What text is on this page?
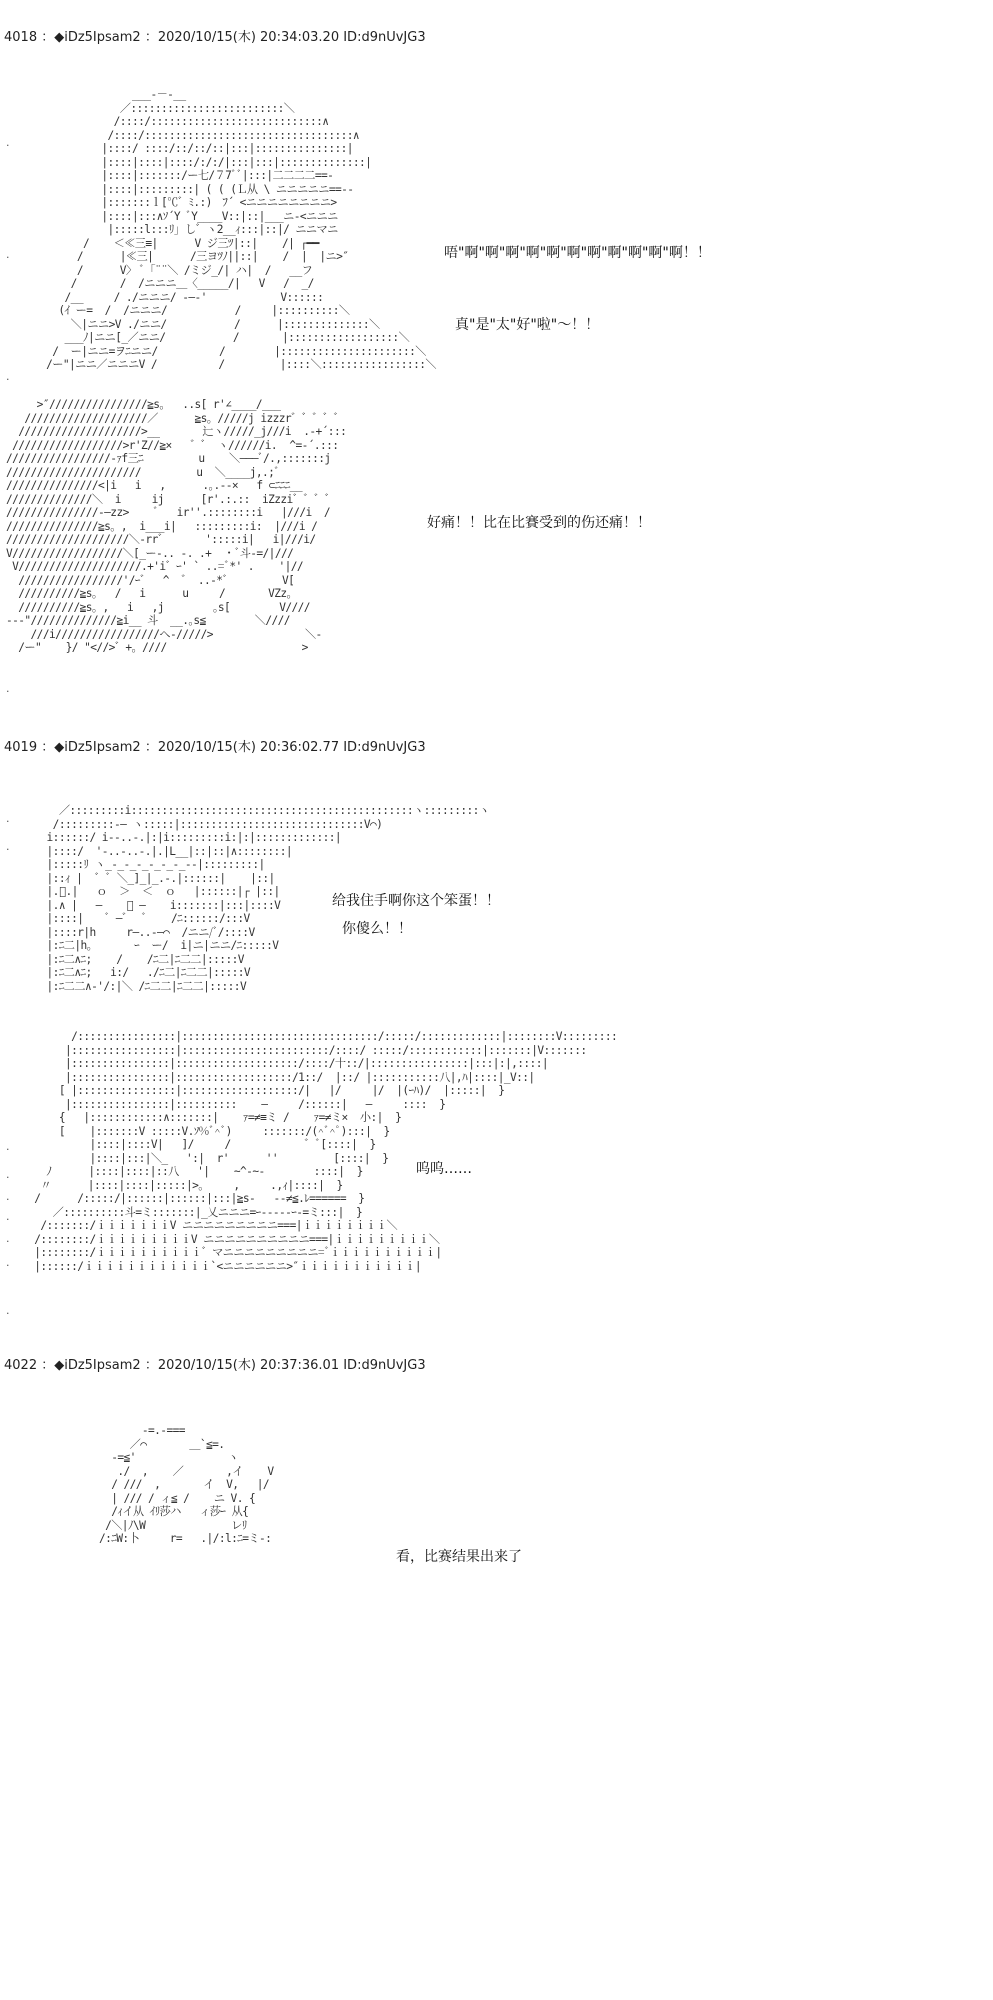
4018 ：◆iDz5Ipsam2 ：2020/10/15(木) 20:34:03.20 ID:d9nUvJG3
.
.
.
___-－-__
／:::::::::::::::::::::::::＼
/::::/::::::::::::::::::::::::::::∧
/::::/::::::::::::::::::::::::::::::::::∧
|::::/ ::::/::/::/::|:::|:::::::::::::::|
|::::|::::|::::/:/:/|:::|:::|::::::::::::::|
|::::|:::::::/ー七/７7ﾞﾞ|:::|二二二二==-
|::::|:::::::::| ( ( (Ｌ从 \ ニニニニニ==--
|:::::::ｌ[℃゛ﾐ.:)　ﾌ´ <ニニニニニニニニ>
|::::|:::∧ｿ´Y ﾞY____V::|::|___ニ-<ニニニ
|:::::l:::ﾘ｣ し゛ヽ2__ｨ:::|::|/ ニニマニ
/    ＜≪三≡|      V ジ三ﾂ|::|    /| ┌━━
/      |≪三|      /三ヨﾂﾉ||::|    /  |  |ニ>″
/      V〉 ﾞ「¨¨＼ /ミジ_/| ハ|  /   __フ
/       /  /ニニニ＿〈_____/|   V   /  _/
/__     / ./ニニニ/ -―-'            V::::::
(ｲ ー=  /  /ニニニ/           /     |::::::::::＼
＼|ニニ>V ./ニニ/           /      |::::::::::::::＼
___ﾉ|ニニ[_／ニニ/           /       |::::::::::::::::::＼
/  ー|ニニ=ヲﾆニニ/          /        |::::::::::::::::::::::＼
/ー"|ニニ／ニニニV /          /         |::::＼:::::::::::::::::＼
唔"啊"啊"啊"啊"啊"啊"啊"啊"啊"啊"啊！！
真"是"太"好"啦"～！！
>″////////////////≧s。  ..s[ r'∠____/___
////////////////////／      ≧s。/////j izzzr゛゛゛゛゛
////////////////////>__       辷ヽ/////_j///i  .-+´:::
//////////////////>r'Z//≧×   ゛゛ ヽ//////i.  ^=-´.:::
/////////////////-ｧf三ﾆ         u    ＼―――ﾞ/.,:::::::j
//////////////////////         u  ＼____j,.;ﾞ
///////////////<|i   i   ,      .｡.--×   f ⊂ﾆﾆﾆ__
//////////////＼  i     ij      [r'.:.::  iZzzi゛゛゛゛
///////////////-―zz>    ﾞ   ir''.::::::::i   |///i  /
///////////////≧s。,  i___i|   :::::::::i:  |///i /
////////////////////＼-rr゛      ':::::i|   i|///i/
V//////////////////＼[_ー-.. -. .+  ・ﾞ斗-=/|///
V////////////////////.+'i゛ｰ' ` ..=ﾞ*' .    '|//
/////////////////'/ｰ゛  ^  ゛ ..-*゛        V[
//////////≧s。  /   i      u     /       VZz。
//////////≧s。,   i   ,j        ｡s[        V////
---"//////////////≧i__ 斗  __.｡s≦        ＼////
///i/////////////////へ-/////>               ＼-
/ー"    }/ "<//>゛+。////                      >
好痛！！比在比賽受到的伤还痛！！
.
4019 ：◆iDz5Ipsam2 ：2020/10/15(木) 20:36:02.77 ID:d9nUvJG3
／:::::::::i::::::::::::::::::::::::::::::::::::::::::::::ヽ:::::::::ヽ
/:::::::::-― ヽ:::::|::::::::::::::::::::::::::::::V⌒)
i::::::/ i--..-.|:|i:::::::::i:|:|:::::::::::::|
|::::/  '-..-..-.|.|L__|::|::|∧::::::::|
|:::::ﾘ ヽ_-_-_-_-_-_-_--|:::::::::|
|::ｨ |  ゛ﾞ ＼_]_|_.-.|::::::|    |::|
|.ﾞ.|   ｏ  ＞  ＜  ｏ   |::::::|┌ |::|
|.∧ |   ―    ﾞ ―    i:::::::|:::|::::V
|::::|    ﾞ ―゛  ﾞ    /ﾆ::::::/:::V
|::::r|h     r―..-―⌒  /ニニ/ﾞ/::::V
|:ﾆ二|h。      ｰ  ー/  i|ニ|ニニ/ﾆ:::::V
|:ﾆ二∧ﾆ;    /    /ﾆ二|ﾆ二二|:::::V
|:ﾆ二∧ﾆ;   i:/   ./ﾆ二|ﾆ二二|:::::V
|:ﾆ二二∧-'/:|＼ /ﾆ二二|ﾆ二二|:::::V
.
.
给我住手啊你这个笨蛋！！
你傻么！！
/::::::::::::::::|::::::::::::::::::::::::::::::::/:::::/:::::::::::::|::::::::V:::::::::
|:::::::::::::::::|::::::::::::::::::::::::/::::/ :::::/::::::::::::|:::::::|V:::::::
|::::::::::::::::|::::::::::::::::::::/::::/十::/|::::::::::::::::|:::|:|,::::|
|::::::::::::::::|:::::::::::::::::::/1::/  |::/ |:::::::::::八|,ﾊ|::::|_V::|
[ |::::::::::::::::|:::::::::::::::::::/|   |/     |/  |(ｰﾊ)/  |:::::|  }
|::::::::::::::::|::::::::::    ―     /::::::|   ―     ::::  }
{   |::::::::::::∧:::::::|    ｧ=≠≡ミ /    ｧ=≠ミ×  小:|  }
[    |:::::::V :::::V.ｿ%ﾞ^ﾞ)     :::::::/(^ﾞ^ﾟ):::|  }
|::::|::::V|   ]/     /            ゛ﾞ[::::|  }
|::::|:::|＼_   ':|  r'      ''         [::::|  }
ﾉ      |::::|::::|::八   '|    ~^-~-        ::::|  }
〃      |::::|::::|:::::|>。    ,     .,ｨ|::::|  }
/      /:::::/|::::::|::::::|:::|≧s-   --≠≦.ﾚ======  }
／::::::::::斗=ミ:::::::|_乂ニニニ=ｰ-----ｰ-=ミ:::|  }
/:::::::/ｉｉｉｉｉｉｉV ニニニニニニニニニ===|ｉｉｉｉｉｉｉｉ＼
/::::::::/ｉｉｉｉｉｉｉｉｉV ニニニニニニニニニニ===|ｉｉｉｉｉｉｉｉｉ＼
|::::::::/ｉｉｉｉｉｉｉｉｉｉ゛マニニニニニニニニニ=ﾞｉｉｉｉｉｉｉｉｉｉ|
|::::::/ｉｉｉｉｉｉｉｉｉｉｉｉ`<ニニニニニニ>″ｉｉｉｉｉｉｉｉｉｉｉ|
.
.
.
.
.
.
呜呜……
.
4022 ：◆iDz5Ipsam2 ：2020/10/15(木) 20:37:36.01 ID:d9nUvJG3
-=.-===
／⌒       ＿`≦=.
-=≦'               ヽ
./  ,    ／       ,イ    V
/ ///  ,       イ  V,   |/
| /// / ィ≦ /    ニ V. {
/ｨイ从 ｲﾘ莎ハ   ィ莎ｰ 从{
/＼|ﾉ\W              レﾘ
/:ﾆW:卜     r=   .|/:l:ﾆ=ミ-:
看，比赛结果出来了
